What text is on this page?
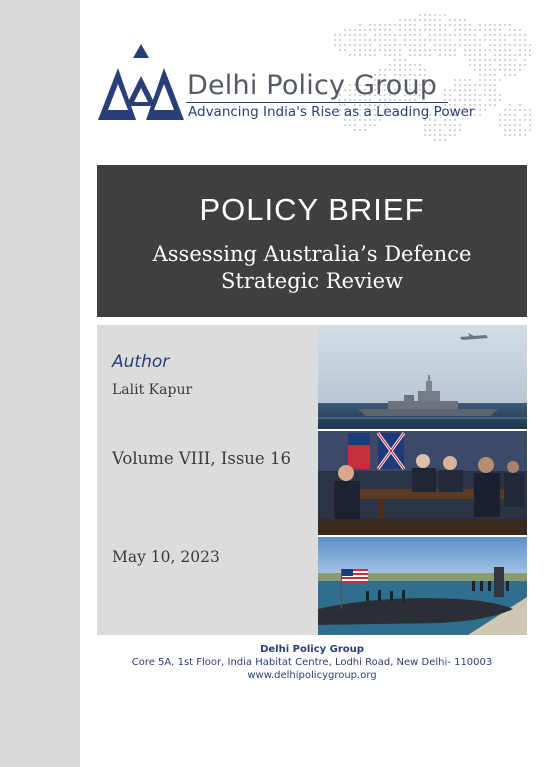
Delhi Policy Group
Advancing India's Rise as a Leading Power
POLICY BRIEF
Assessing Australia’s Defence
Strategic Review
Author
Lalit Kapur
Volume VIII, Issue 16
May 10, 2023
Delhi Policy Group
Core 5A, 1st Floor, India Habitat Centre, Lodhi Road, New Delhi- 110003
www.delhipolicygroup.org
